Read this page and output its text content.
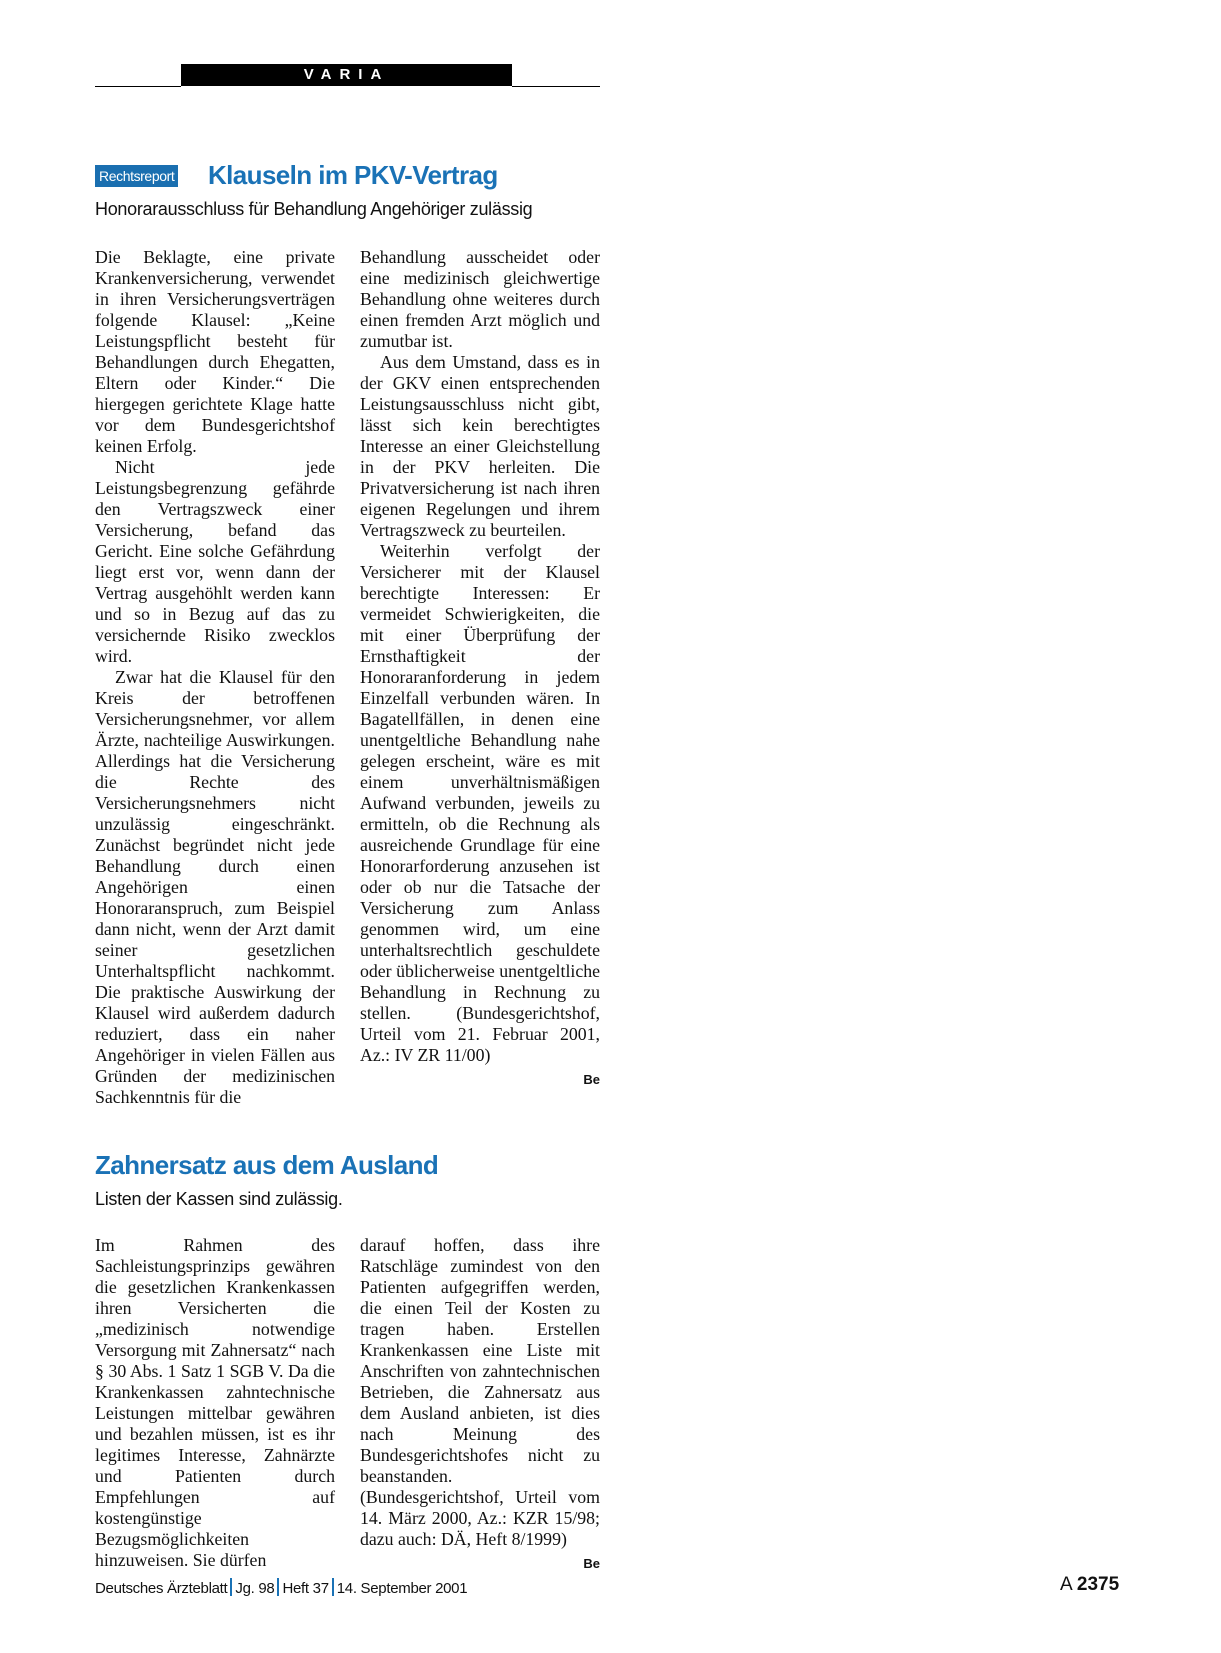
VARIA
Rechtsreport Klauseln im PKV-Vertrag
Honorarausschluss für Behandlung Angehöriger zulässig

Die Beklagte, eine private Krankenversicherung, verwendet in ihren Versicherungsverträgen folgende Klausel: „Keine Leistungspflicht besteht für Behandlungen durch Ehegatten, Eltern oder Kinder.“ Die hiergegen gerichtete Klage hatte vor dem Bundesgerichtshof keinen Erfolg.

Nicht jede Leistungsbegrenzung gefährde den Vertragszweck einer Versicherung, befand das Gericht. Eine solche Gefährdung liegt erst vor, wenn dann der Vertrag ausgehöhlt werden kann und so in Bezug auf das zu versichernde Risiko zwecklos wird.

Zwar hat die Klausel für den Kreis der betroffenen Versicherungsnehmer, vor allem Ärzte, nachteilige Auswirkungen. Allerdings hat die Versicherung die Rechte des Versicherungsnehmers nicht unzulässig eingeschränkt. Zunächst begründet nicht jede Behandlung durch einen Angehörigen einen Honoraranspruch, zum Beispiel dann nicht, wenn der Arzt damit seiner gesetzlichen Unterhaltspflicht nachkommt. Die praktische Auswirkung der Klausel wird außerdem dadurch reduziert, dass ein naher Angehöriger in vielen Fällen aus Gründen der medizinischen Sachkenntnis für die

Behandlung ausscheidet oder eine medizinisch gleichwertige Behandlung ohne weiteres durch einen fremden Arzt möglich und zumutbar ist.

Aus dem Umstand, dass es in der GKV einen entsprechenden Leistungsausschluss nicht gibt, lässt sich kein berechtigtes Interesse an einer Gleichstellung in der PKV herleiten. Die Privatversicherung ist nach ihren eigenen Regelungen und ihrem Vertragszweck zu beurteilen.

Weiterhin verfolgt der Versicherer mit der Klausel berechtigte Interessen: Er vermeidet Schwierigkeiten, die mit einer Überprüfung der Ernsthaftigkeit der Honoraranforderung in jedem Einzelfall verbunden wären. In Bagatellfällen, in denen eine unentgeltliche Behandlung nahe gelegen erscheint, wäre es mit einem unverhältnismäßigen Aufwand verbunden, jeweils zu ermitteln, ob die Rechnung als ausreichende Grundlage für eine Honorarforderung anzusehen ist oder ob nur die Tatsache der Versicherung zum Anlass genommen wird, um eine unterhaltsrechtlich geschuldete oder üblicherweise unentgeltliche Behandlung in Rechnung zu stellen. (Bundesgerichtshof, Urteil vom 21. Februar 2001, Az.: IV ZR 11/00)

Be
Zahnersatz aus dem Ausland
Listen der Kassen sind zulässig.

Im Rahmen des Sachleistungsprinzips gewähren die gesetzlichen Krankenkassen ihren Versicherten die „medizinisch notwendige Versorgung mit Zahnersatz“ nach § 30 Abs. 1 Satz 1 SGB V. Da die Krankenkassen zahntechnische Leistungen mittelbar gewähren und bezahlen müssen, ist es ihr legitimes Interesse, Zahnärzte und Patienten durch Empfehlungen auf kostengünstige Bezugsmöglichkeiten hinzuweisen. Sie dürfen

darauf hoffen, dass ihre Ratschläge zumindest von den Patienten aufgegriffen werden, die einen Teil der Kosten zu tragen haben. Erstellen Krankenkassen eine Liste mit Anschriften von zahntechnischen Betrieben, die Zahnersatz aus dem Ausland anbieten, ist dies nach Meinung des Bundesgerichtshofes nicht zu beanstanden. (Bundesgerichtshof, Urteil vom 14. März 2000, Az.: KZR 15/98; dazu auch: DÄ, Heft 8/1999)

Be
Deutsches Ärzteblatt Jg. 98 Heft 37 14. September 2001	A 2375
